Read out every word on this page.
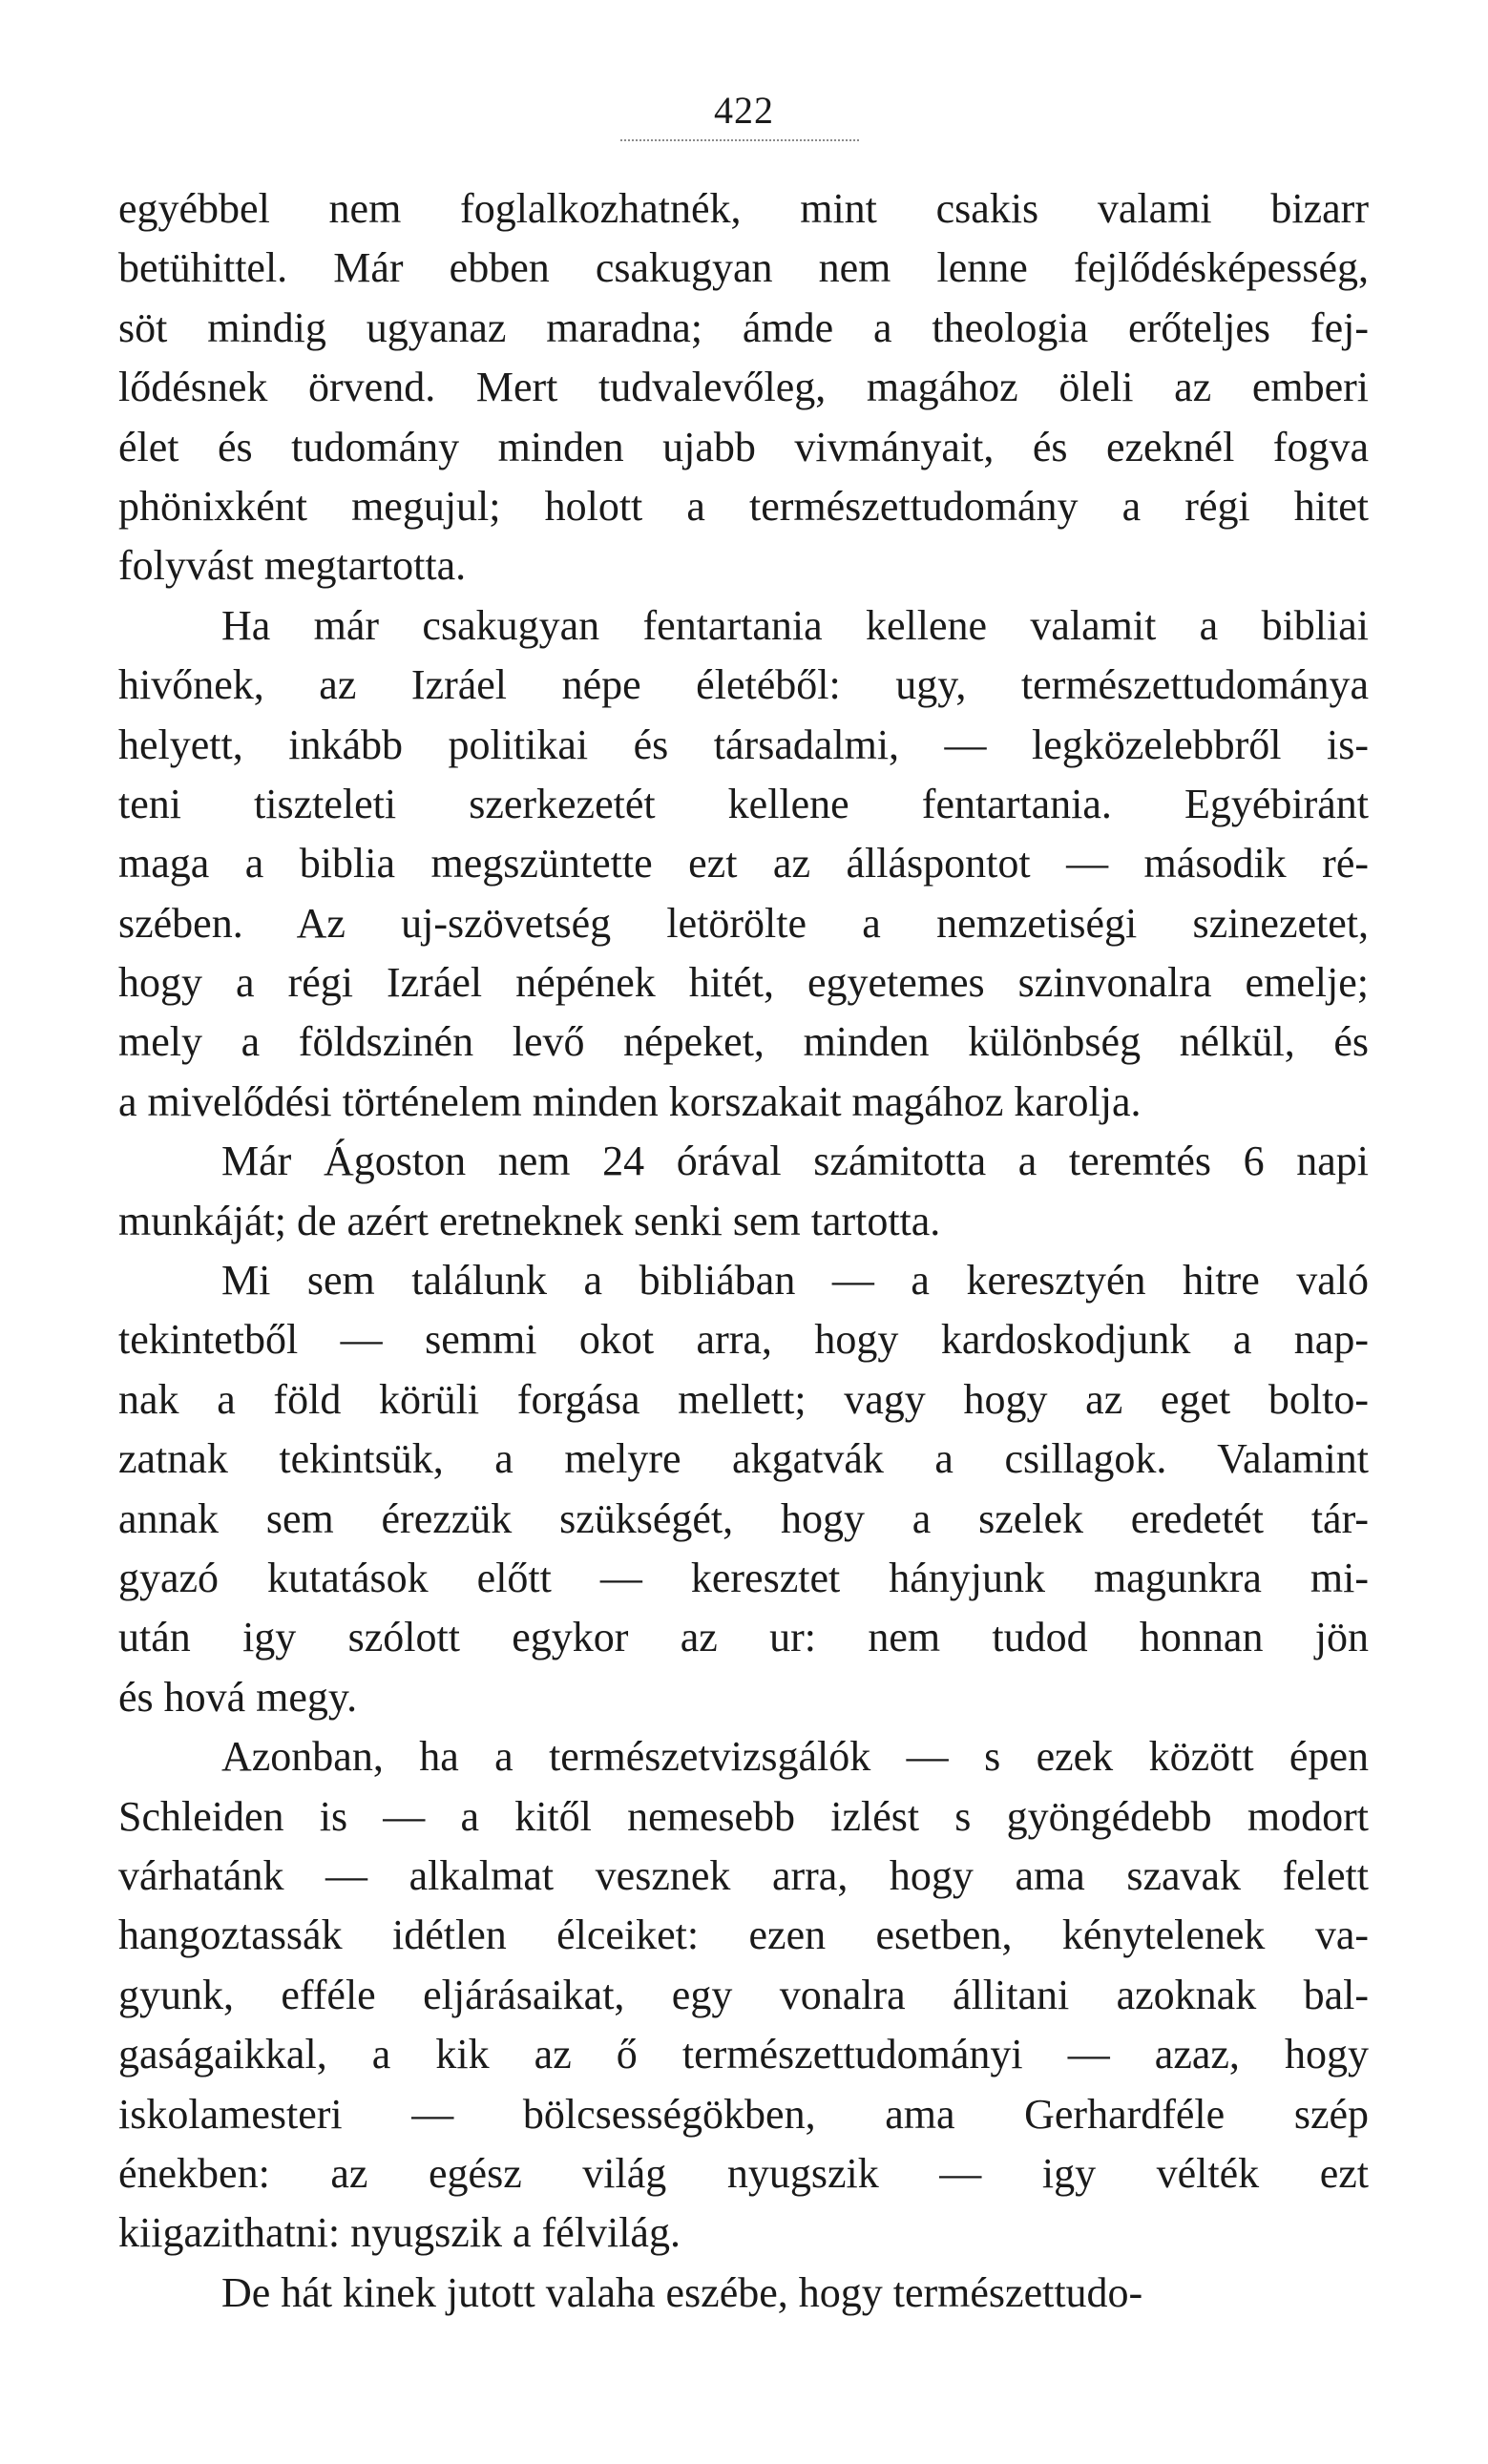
422
egyébbel nem foglalkozhatnék, mint csakis valami bizarr
betühittel. Már ebben csakugyan nem lenne fejlődésképesség,
söt mindig ugyanaz maradna; ámde a theologia erőteljes fej-
lődésnek örvend. Mert tudvalevőleg, magához öleli az emberi
élet és tudomány minden ujabb vivmányait, és ezeknél fogva
phönixként megujul; holott a természettudomány a régi hitet
folyvást megtartotta.
Ha már csakugyan fentartania kellene valamit a bibliai
hivőnek, az Izráel népe életéből: ugy, természettudománya
helyett, inkább politikai és társadalmi, — legközelebbről is-
teni tiszteleti szerkezetét kellene fentartania. Egyébiránt
maga a biblia megszüntette ezt az álláspontot — második ré-
szében. Az uj-szövetség letörölte a nemzetiségi szinezetet,
hogy a régi Izráel népének hitét, egyetemes szinvonalra emelje;
mely a földszinén levő népeket, minden különbség nélkül, és
a mivelődési történelem minden korszakait magához karolja.
Már Ágoston nem 24 órával számitotta a teremtés 6 napi
munkáját; de azért eretneknek senki sem tartotta.
Mi sem találunk a bibliában — a keresztyén hitre való
tekintetből — semmi okot arra, hogy kardoskodjunk a nap-
nak a föld körüli forgása mellett; vagy hogy az eget bolto-
zatnak tekintsük, a melyre akgatvák a csillagok. Valamint
annak sem érezzük szükségét, hogy a szelek eredetét tár-
gyazó kutatások előtt — keresztet hányjunk magunkra mi-
után igy szólott egykor az ur: nem tudod honnan jön
és hová megy.
Azonban, ha a természetvizsgálók — s ezek között épen
Schleiden is — a kitől nemesebb izlést s gyöngédebb modort
várhatánk — alkalmat vesznek arra, hogy ama szavak felett
hangoztassák idétlen élceiket: ezen esetben, kénytelenek va-
gyunk, efféle eljárásaikat, egy vonalra állitani azoknak bal-
gaságaikkal, a kik az ő természettudományi — azaz, hogy
iskolamesteri — bölcsességökben, ama Gerhardféle szép
énekben: az egész világ nyugszik — igy vélték ezt
kiigazithatni: nyugszik a félvilág.
De hát kinek jutott valaha eszébe, hogy természettudo-
